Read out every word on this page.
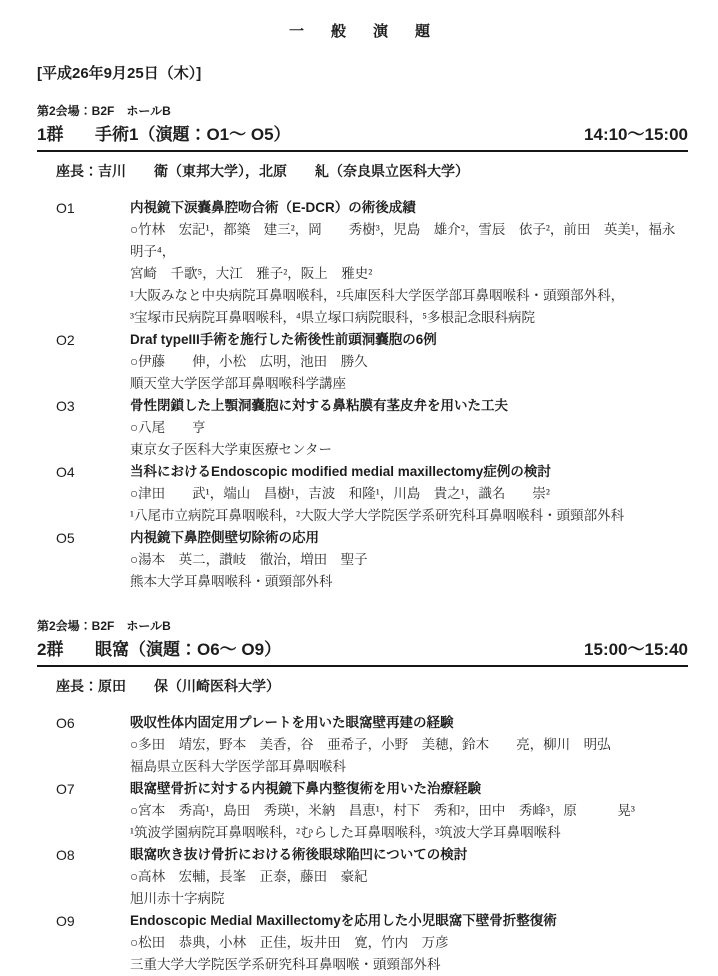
一　般　演　題
[平成26年9月25日（木）]
第2会場：B2F　ホールB
1群	手術1（演題：O1〜 O5）	14:10〜15:00
座長：吉川　　衛（東邦大学），北原　　糺（奈良県立医科大学）
O1	内視鏡下涙嚢鼻腔吻合術（E-DCR）の術後成績
○竹林　宏記¹，都築　建三²，岡　　秀樹³，児島　雄介²，雪辰　依子²，前田　英美¹，福永　明子⁴，
宮崎　千歌⁵，大江　雅子²，阪上　雅史²
¹大阪みなと中央病院耳鼻咽喉科，²兵庫医科大学医学部耳鼻咽喉科・頭頸部外科，
³宝塚市民病院耳鼻咽喉科，⁴県立塚口病院眼科，⁵多根記念眼科病院
O2	Draf typeIII手術を施行した術後性前頭洞嚢胞の6例
○伊藤　　伸，小松　広明，池田　勝久
順天堂大学医学部耳鼻咽喉科学講座
O3	骨性閉鎖した上顎洞嚢胞に対する鼻粘膜有茎皮弁を用いた工夫
○八尾　　亨
東京女子医科大学東医療センター
O4	当科におけるEndoscopic modified medial maxillectomy症例の検討
○津田　　武¹，端山　昌樹¹，吉波　和隆¹，川島　貴之¹，識名　　崇²
¹八尾市立病院耳鼻咽喉科，²大阪大学大学院医学系研究科耳鼻咽喉科・頭頸部外科
O5	内視鏡下鼻腔側壁切除術の応用
○湯本　英二，讃岐　徹治，増田　聖子
熊本大学耳鼻咽喉科・頭頸部外科
第2会場：B2F　ホールB
2群	眼窩（演題：O6〜 O9）	15:00〜15:40
座長：原田　　保（川崎医科大学）
O6	吸収性体内固定用プレートを用いた眼窩壁再建の経験
○多田　靖宏，野本　美香，谷　亜希子，小野　美穂，鈴木　　亮，柳川　明弘
福島県立医科大学医学部耳鼻咽喉科
O7	眼窩壁骨折に対する内視鏡下鼻内整復術を用いた治療経験
○宮本　秀高¹，島田　秀瑛¹，米納　昌恵¹，村下　秀和²，田中　秀峰³，原　　　晃³
¹筑波学園病院耳鼻咽喉科，²むらした耳鼻咽喉科，³筑波大学耳鼻咽喉科
O8	眼窩吹き抜け骨折における術後眼球陥凹についての検討
○高林　宏輔，長峯　正泰，藤田　豪紀
旭川赤十字病院
O9	Endoscopic Medial Maxillectomyを応用した小児眼窩下壁骨折整復術
○松田　恭典，小林　正佳，坂井田　寛，竹内　万彦
三重大学大学院医学系研究科耳鼻咽喉・頭頸部外科
